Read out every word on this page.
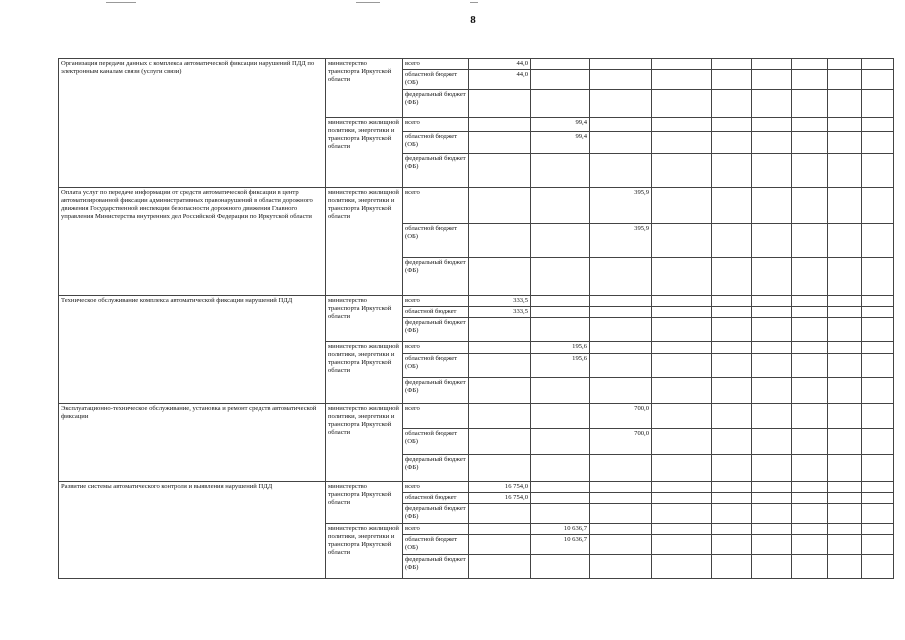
8
Организация передачи данных с комплекса автоматической фиксации нарушений ПДД по электронным каналам связи (услуги связи)	министерство транспорта Иркутской области	всего	44,0								
		областной бюджет (ОБ)	44,0								
		федеральный бюджет (ФБ)									
	министерство жилищной политики, энергетики и транспорта Иркутской области	всего		99,4							
		областной бюджет (ОБ)		99,4							
		федеральный бюджет (ФБ)									
Оплата услуг по передаче информации от средств автоматической фиксации в центр автоматизированной фиксации административных правонарушений в области дорожного движения Государственной инспекции безопасности дорожного движения Главного управления Министерства внутренних дел Российской Федерации по Иркутской области	министерство жилищной политики, энергетики и транспорта Иркутской области	всего			395,9						
		областной бюджет (ОБ)			395,9						
		федеральный бюджет (ФБ)									
Техническое обслуживание комплекса автоматической фиксации нарушений ПДД	министерство транспорта Иркутской области	всего	333,5								
		областной бюджет	333,5								
		федеральный бюджет (ФБ)									
	министерство жилищной политики, энергетики и транспорта Иркутской области	всего		195,6							
		областной бюджет (ОБ)		195,6							
		федеральный бюджет (ФБ)									
Эксплуатационно-техническое обслуживание, установка и ремонт средств автоматической фиксации	министерство жилищной политики, энергетики и транспорта Иркутской области	всего			700,0						
		областной бюджет (ОБ)			700,0						
		федеральный бюджет (ФБ)									
Развитие системы автоматического контроля и выявления нарушений ПДД	министерство транспорта Иркутской области	всего	16 754,0								
		областной бюджет	16 754,0								
		федеральный бюджет (ФБ)									
	министерство жилищной политики, энергетики и транспорта Иркутской области	всего		10 636,7							
		областной бюджет (ОБ)		10 636,7							
		федеральный бюджет (ФБ)									
